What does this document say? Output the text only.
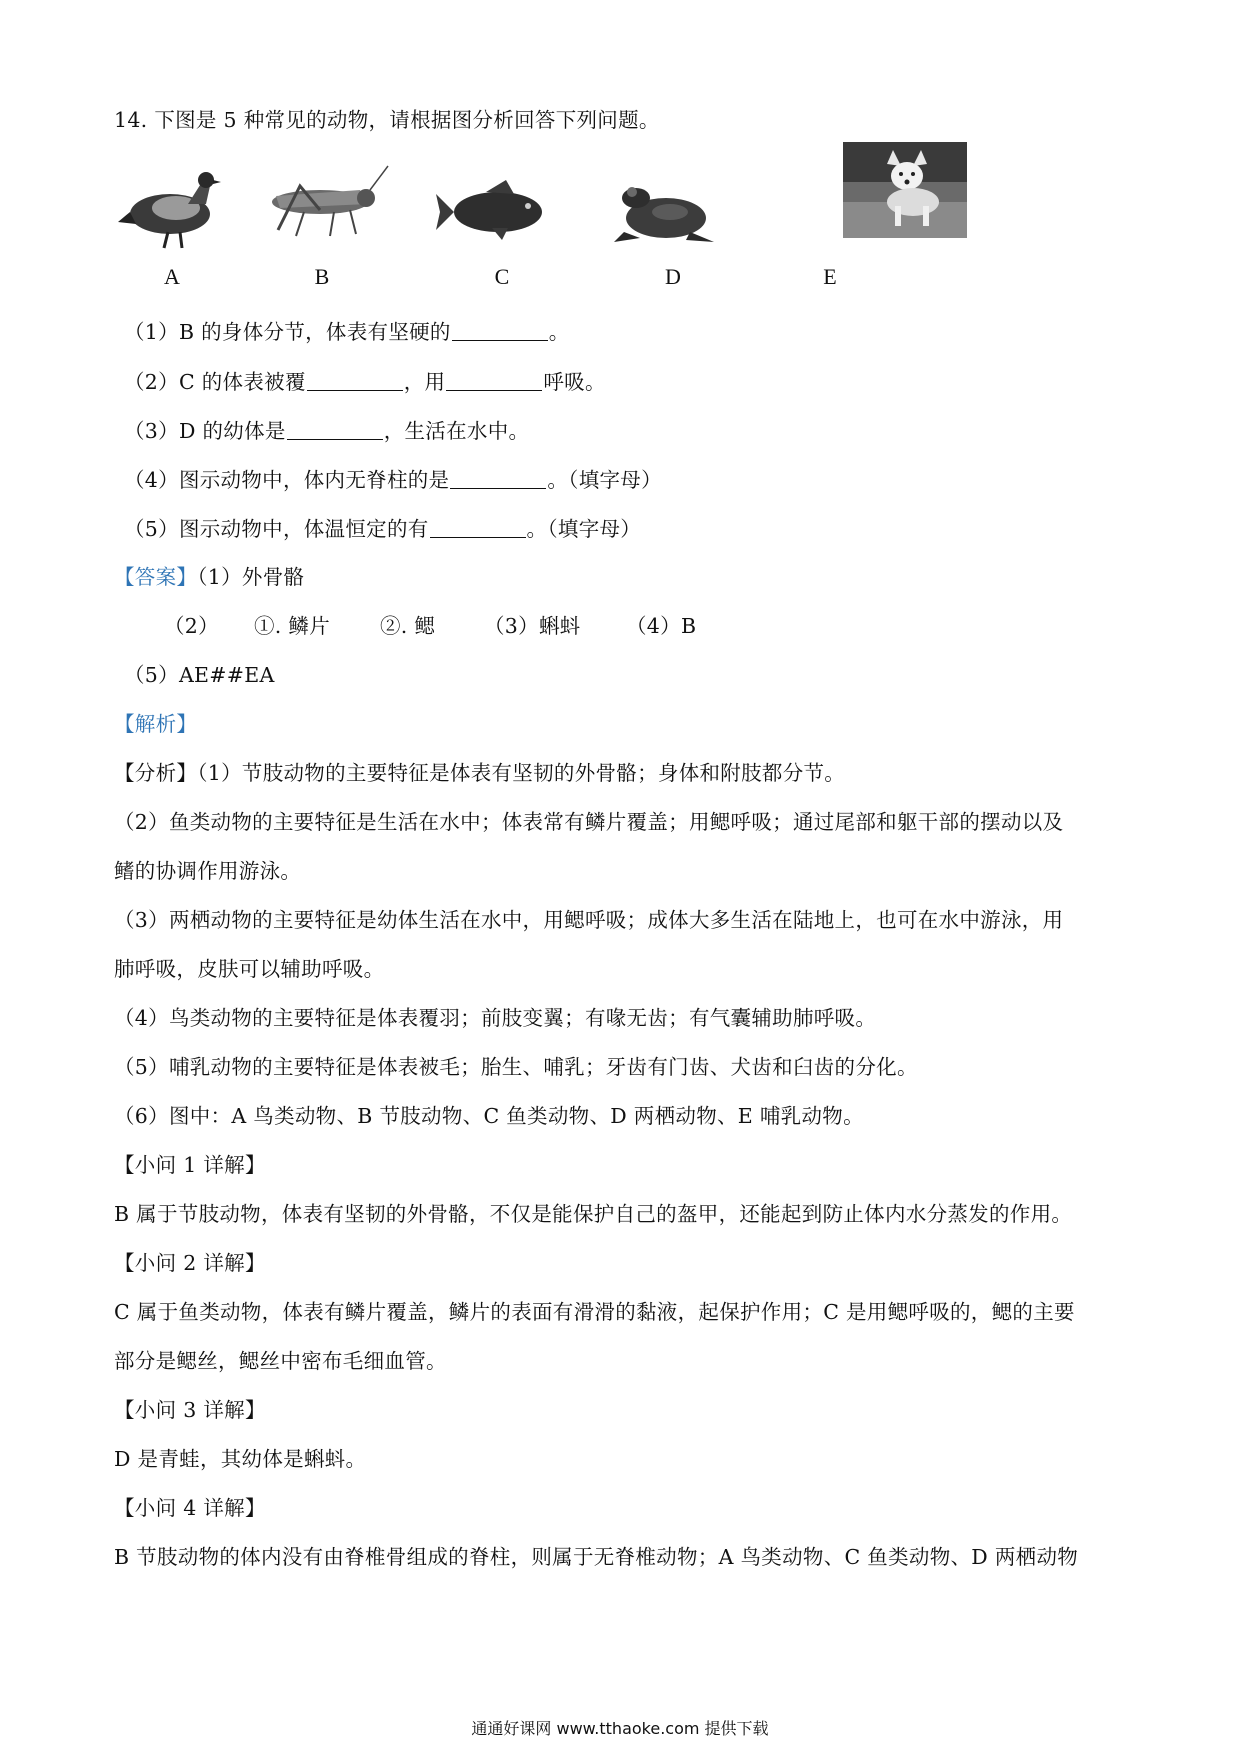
14. 下图是 5 种常见的动物，请根据图分析回答下列问题。
A	B	C	D	E
（1）B 的身体分节，体表有坚硬的	。
（2）C 的体表被覆	，用	呼吸。
（3）D 的幼体是	，生活在水中。
（4）图示动物中，体内无脊柱的是	。（填字母）
（5）图示动物中，体温恒定的有	。（填字母）
【答案】（1）外骨骼
（2） ①. 鳞片 ②. 鳃 （3）蝌蚪 （4）B
（5）AE##EA
【解析】
【分析】（1）节肢动物的主要特征是体表有坚韧的外骨骼；身体和附肢都分节。
（2）鱼类动物的主要特征是生活在水中；体表常有鳞片覆盖；用鳃呼吸；通过尾部和躯干部的摆动以及
鳍的协调作用游泳。
（3）两栖动物的主要特征是幼体生活在水中，用鳃呼吸；成体大多生活在陆地上，也可在水中游泳，用
肺呼吸，皮肤可以辅助呼吸。
（4）鸟类动物的主要特征是体表覆羽；前肢变翼；有喙无齿；有气囊辅助肺呼吸。
（5）哺乳动物的主要特征是体表被毛；胎生、哺乳；牙齿有门齿、犬齿和臼齿的分化。
（6）图中：A 鸟类动物、B 节肢动物、C 鱼类动物、D 两栖动物、E 哺乳动物。
【小问 1 详解】
B 属于节肢动物，体表有坚韧的外骨骼，不仅是能保护自己的盔甲，还能起到防止体内水分蒸发的作用。
【小问 2 详解】
C 属于鱼类动物，体表有鳞片覆盖，鳞片的表面有滑滑的黏液，起保护作用；C 是用鳃呼吸的，鳃的主要
部分是鳃丝，鳃丝中密布毛细血管。
【小问 3 详解】
D 是青蛙，其幼体是蝌蚪。
【小问 4 详解】
B 节肢动物的体内没有由脊椎骨组成的脊柱，则属于无脊椎动物；A 鸟类动物、C 鱼类动物、D 两栖动物
通通好课网 www.tthaoke.com 提供下载
